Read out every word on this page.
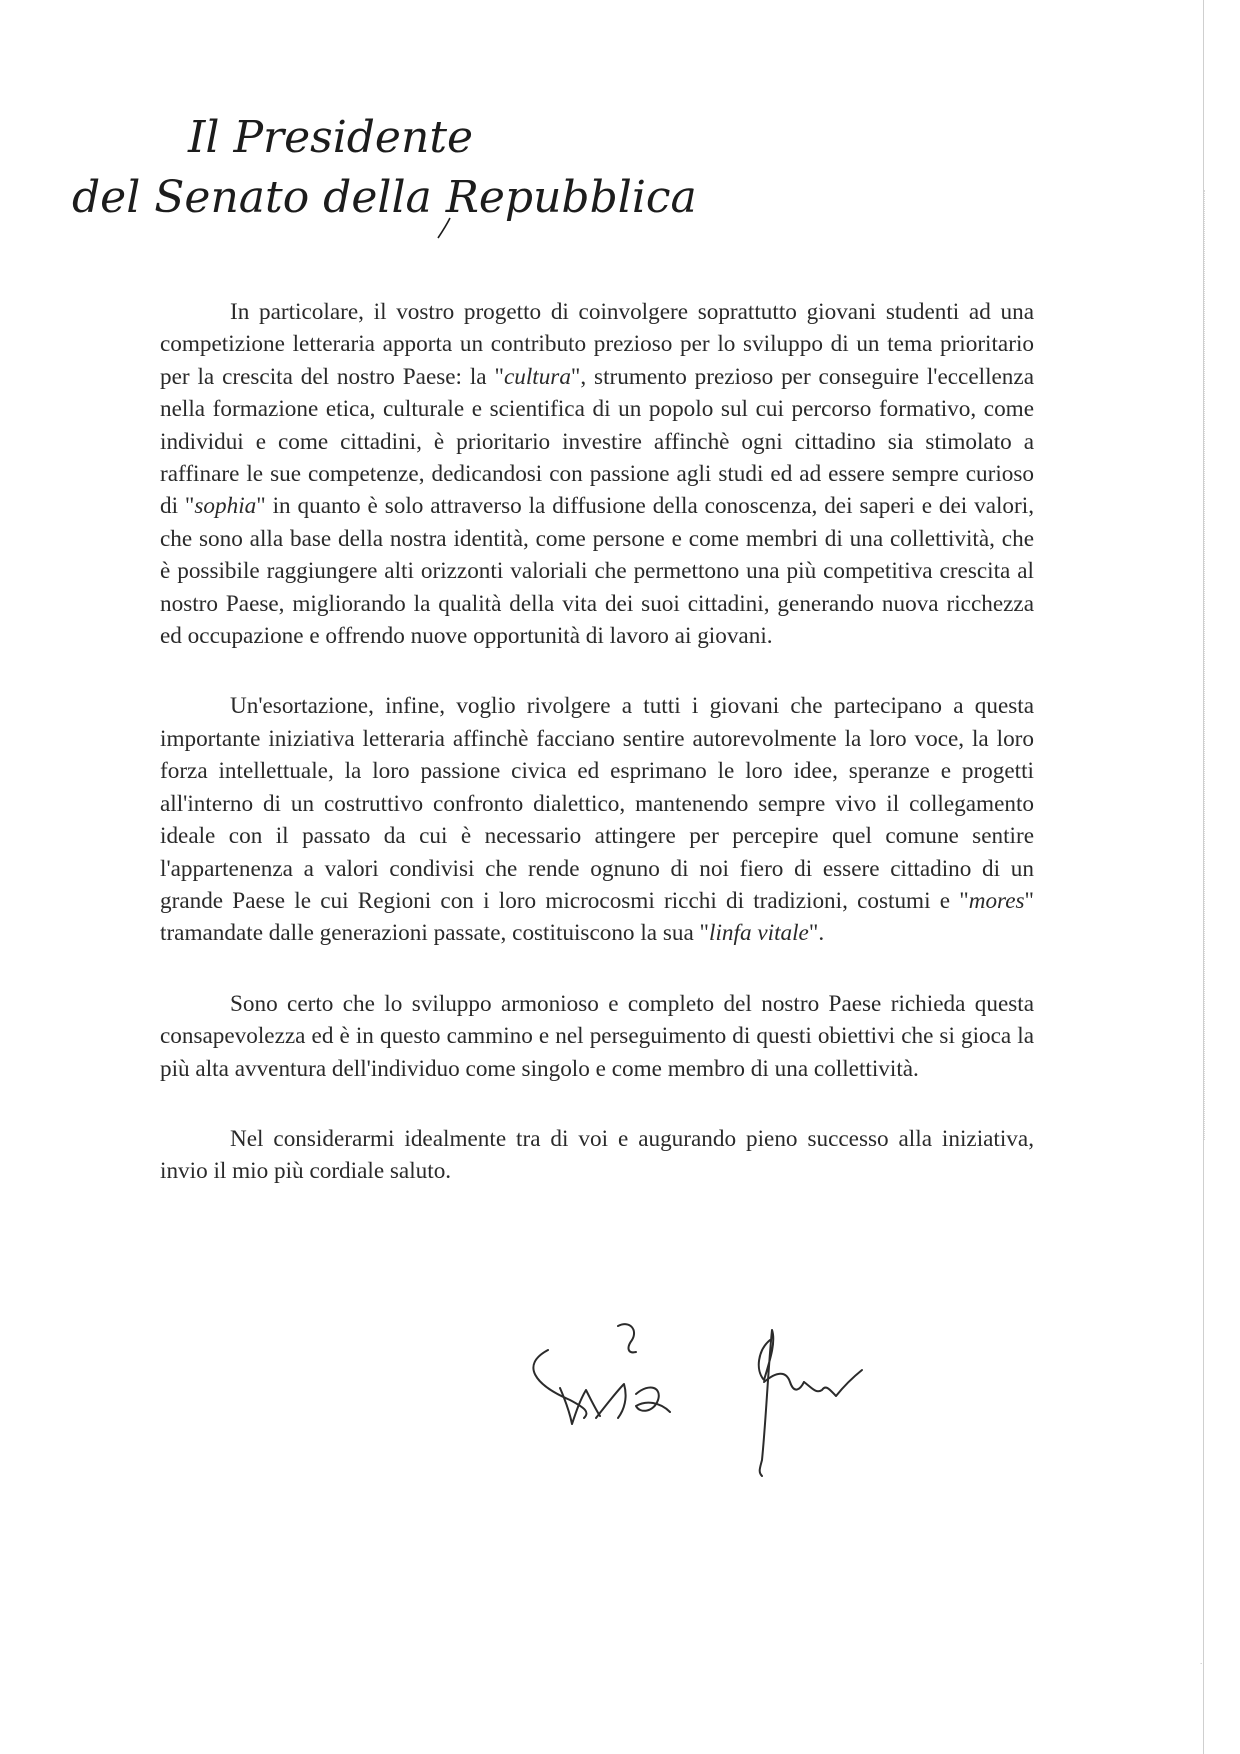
Il Presidente
del Senato della Repubblica

In particolare, il vostro progetto di coinvolgere soprattutto giovani studenti ad una competizione letteraria apporta un contributo prezioso per lo sviluppo di un tema prioritario per la crescita del nostro Paese: la "cultura", strumento prezioso per conseguire l'eccellenza nella formazione etica, culturale e scientifica di un popolo sul cui percorso formativo, come individui e come cittadini, è prioritario investire affinchè ogni cittadino sia stimolato a raffinare le sue competenze, dedicandosi con passione agli studi ed ad essere sempre curioso di "sophia" in quanto è solo attraverso la diffusione della conoscenza, dei saperi e dei valori, che sono alla base della nostra identità, come persone e come membri di una collettività, che è possibile raggiungere alti orizzonti valoriali che permettono una più competitiva crescita al nostro Paese, migliorando la qualità della vita dei suoi cittadini, generando nuova ricchezza ed occupazione e offrendo nuove opportunità di lavoro ai giovani.

Un'esortazione, infine, voglio rivolgere a tutti i giovani che partecipano a questa importante iniziativa letteraria affinchè facciano sentire autorevolmente la loro voce, la loro forza intellettuale, la loro passione civica ed esprimano le loro idee, speranze e progetti all'interno di un costruttivo confronto dialettico, mantenendo sempre vivo il collegamento ideale con il passato da cui è necessario attingere per percepire quel comune sentire l'appartenenza a valori condivisi che rende ognuno di noi fiero di essere cittadino di un grande Paese le cui Regioni con i loro microcosmi ricchi di tradizioni, costumi e "mores" tramandate dalle generazioni passate, costituiscono la sua "linfa vitale".

Sono certo che lo sviluppo armonioso e completo del nostro Paese richieda questa consapevolezza ed è in questo cammino e nel perseguimento di questi obiettivi che si gioca la più alta avventura dell'individuo come singolo e come membro di una collettività.

Nel considerarmi idealmente tra di voi e augurando pieno successo alla iniziativa, invio il mio più cordiale saluto.

·
